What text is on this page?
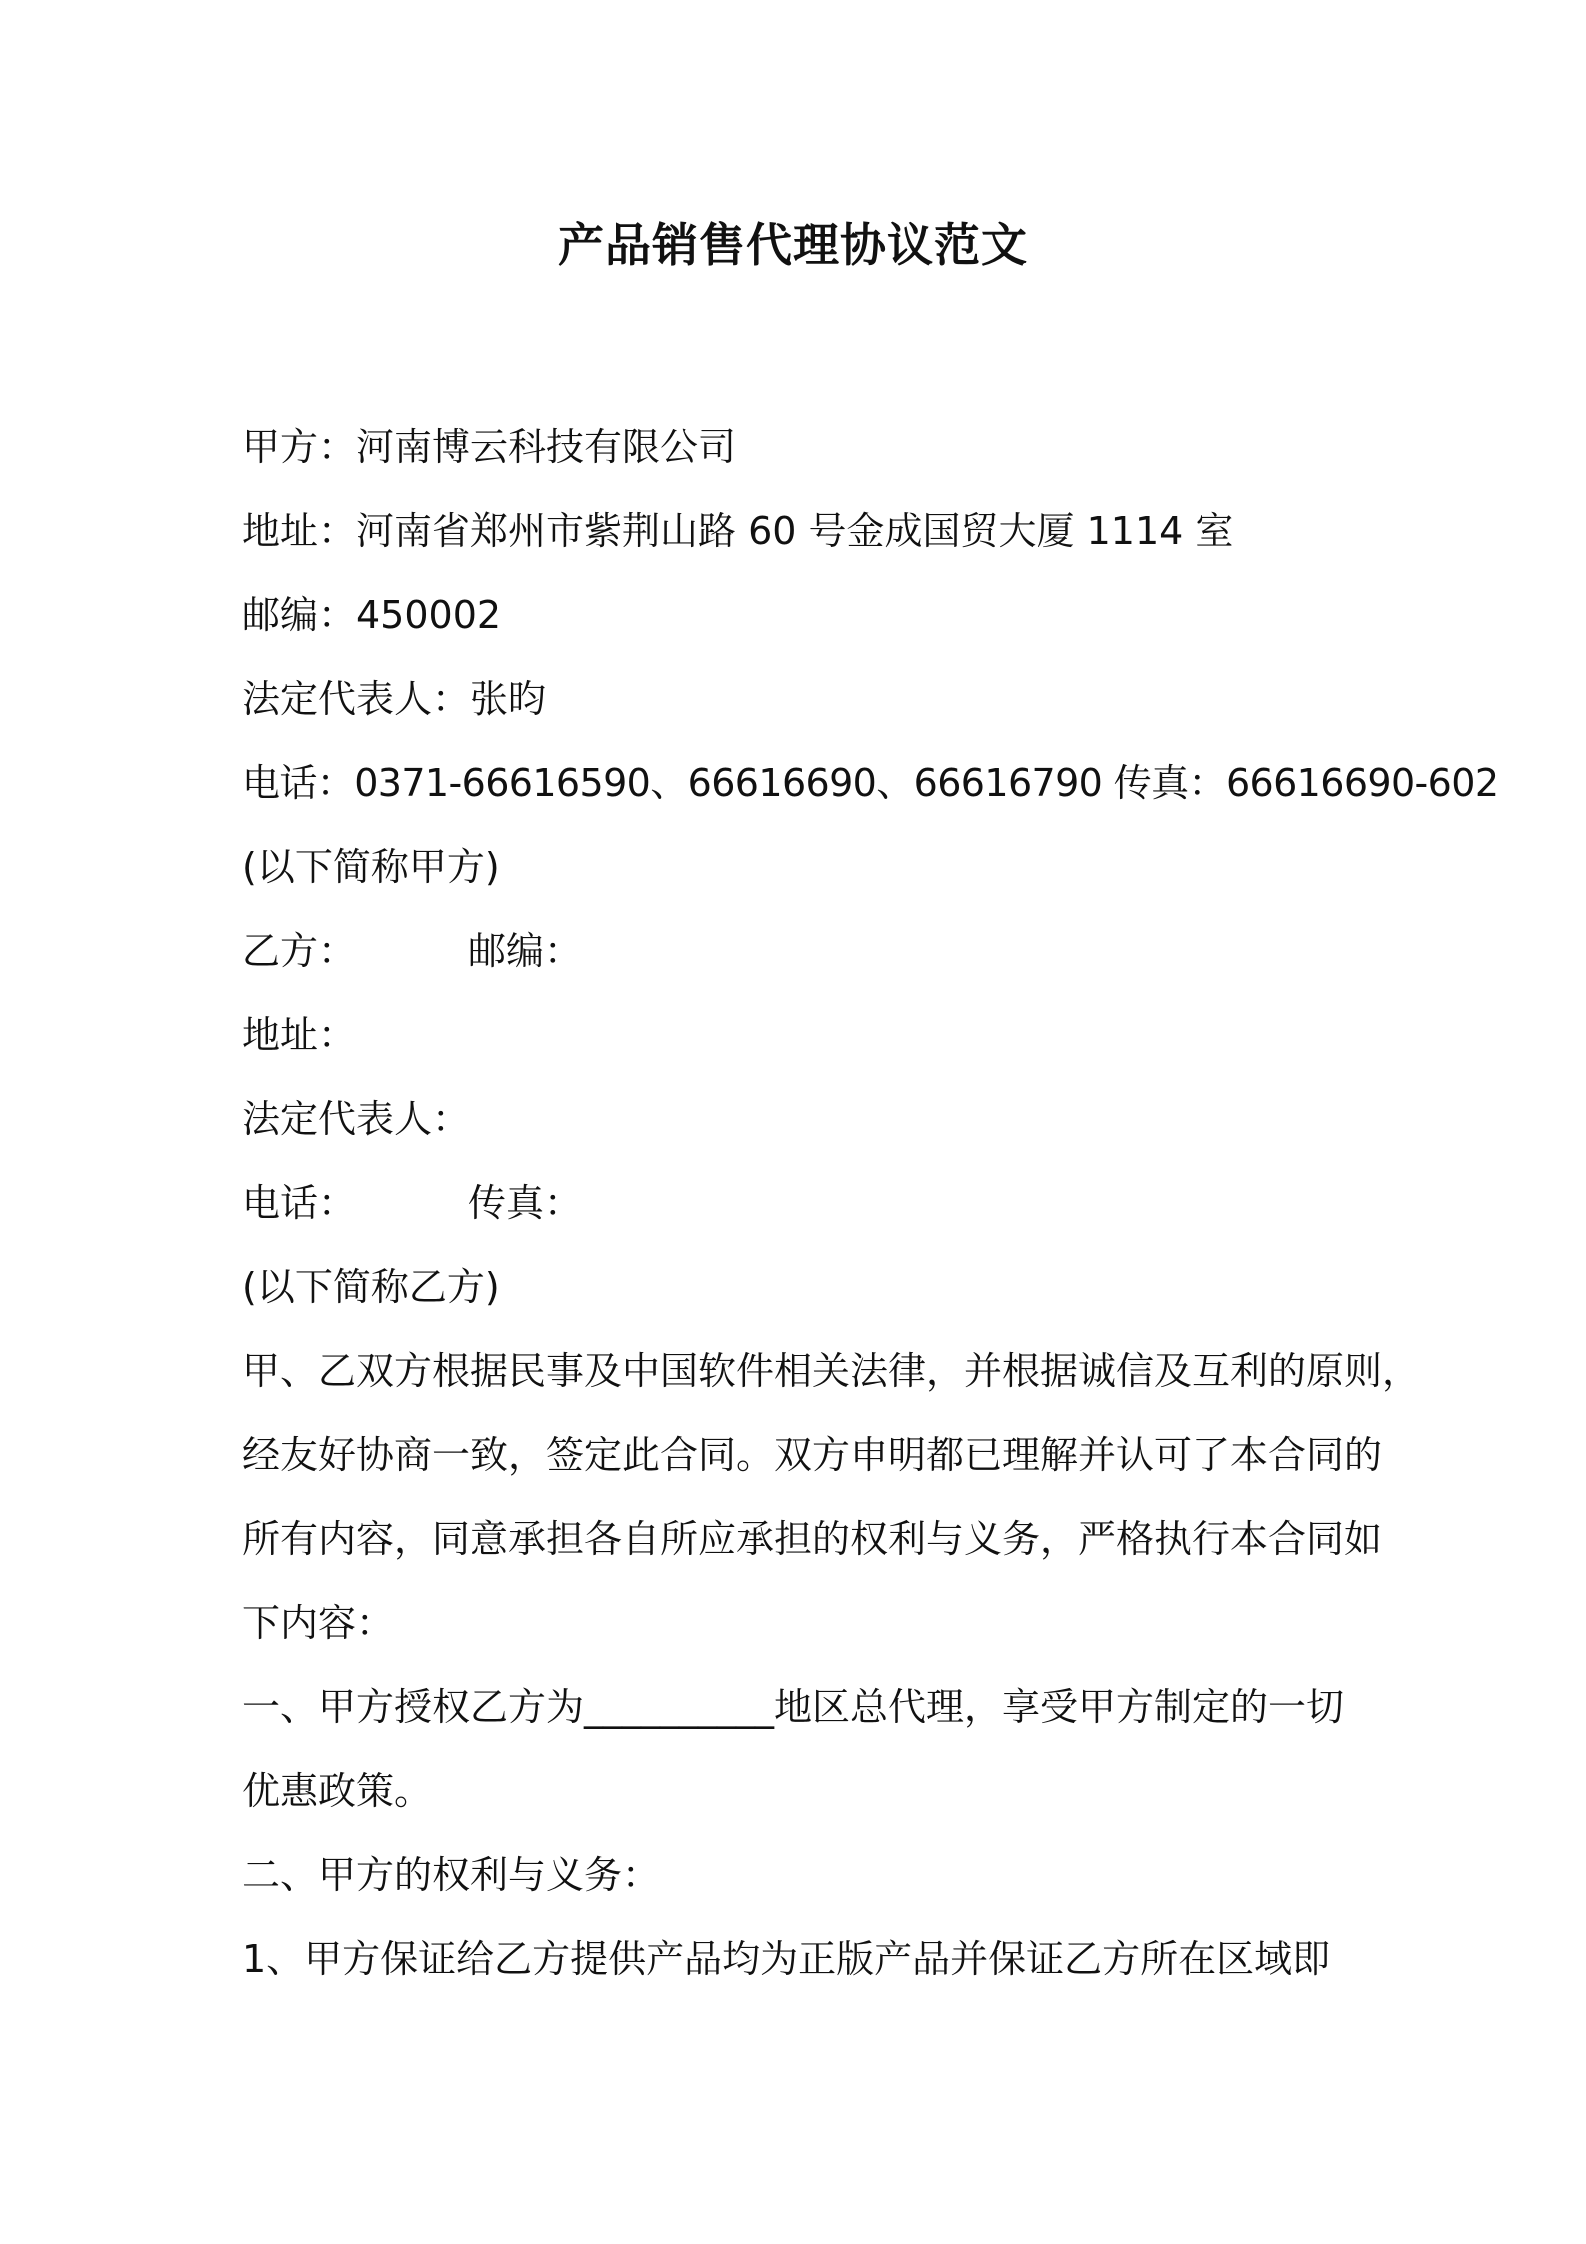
产品销售代理协议范文
甲方：河南博云科技有限公司
地址：河南省郑州市紫荆山路 60 号金成国贸大厦 1114 室
邮编：450002
法定代表人：张昀
电话：0371-66616590、66616690、66616790 传真：66616690-602
(以下简称甲方)
乙方：	邮编：
地址：
法定代表人：
电话：	传真：
(以下简称乙方)
甲、乙双方根据民事及中国软件相关法律，并根据诚信及互利的原则，
经友好协商一致，签定此合同。双方申明都已理解并认可了本合同的
所有内容，同意承担各自所应承担的权利与义务，严格执行本合同如
下内容：
一、甲方授权乙方为__________地区总代理，享受甲方制定的一切
优惠政策。
二、甲方的权利与义务：
1、甲方保证给乙方提供产品均为正版产品并保证乙方所在区域即
